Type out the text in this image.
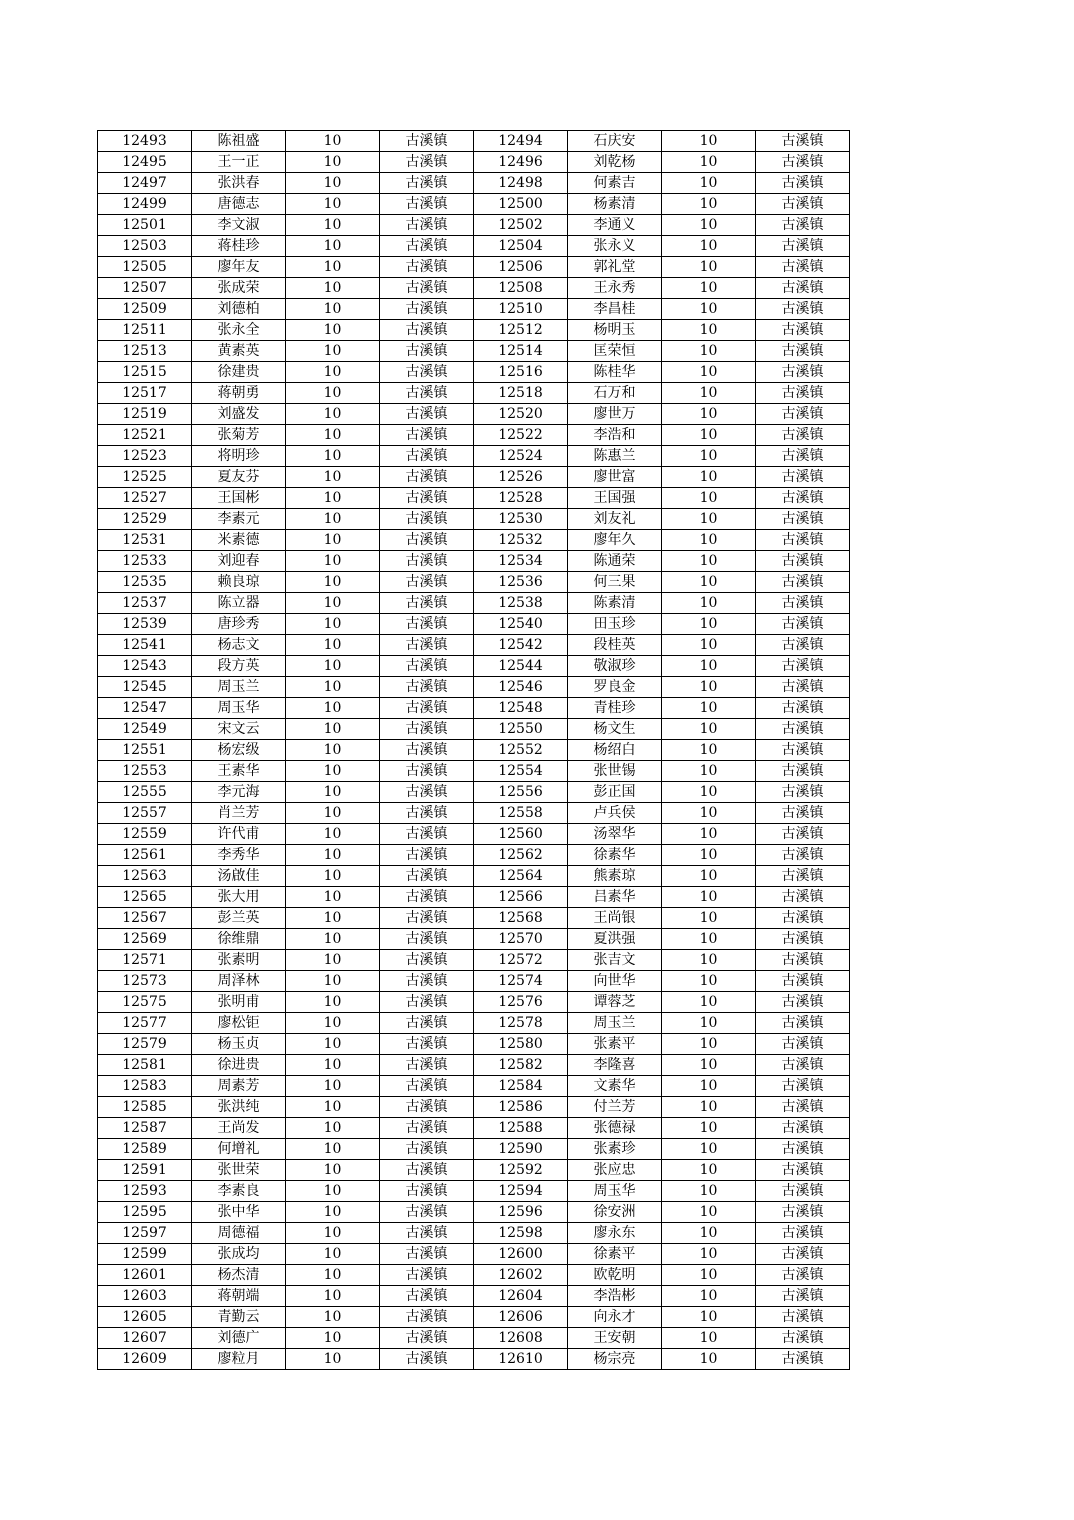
12493	陈祖盛	10	古溪镇	12494	石庆安	10	古溪镇
12495	王一正	10	古溪镇	12496	刘乾杨	10	古溪镇
12497	张洪春	10	古溪镇	12498	何素吉	10	古溪镇
12499	唐德志	10	古溪镇	12500	杨素清	10	古溪镇
12501	李文淑	10	古溪镇	12502	李通义	10	古溪镇
12503	蒋桂珍	10	古溪镇	12504	张永义	10	古溪镇
12505	廖年友	10	古溪镇	12506	郭礼堂	10	古溪镇
12507	张成荣	10	古溪镇	12508	王永秀	10	古溪镇
12509	刘德柏	10	古溪镇	12510	李昌桂	10	古溪镇
12511	张永全	10	古溪镇	12512	杨明玉	10	古溪镇
12513	黄素英	10	古溪镇	12514	匡荣恒	10	古溪镇
12515	徐建贵	10	古溪镇	12516	陈桂华	10	古溪镇
12517	蒋朝勇	10	古溪镇	12518	石万和	10	古溪镇
12519	刘盛发	10	古溪镇	12520	廖世万	10	古溪镇
12521	张菊芳	10	古溪镇	12522	李浩和	10	古溪镇
12523	将明珍	10	古溪镇	12524	陈惠兰	10	古溪镇
12525	夏友芬	10	古溪镇	12526	廖世富	10	古溪镇
12527	王国彬	10	古溪镇	12528	王国强	10	古溪镇
12529	李素元	10	古溪镇	12530	刘友礼	10	古溪镇
12531	米素德	10	古溪镇	12532	廖年久	10	古溪镇
12533	刘迎春	10	古溪镇	12534	陈通荣	10	古溪镇
12535	赖良琼	10	古溪镇	12536	何三果	10	古溪镇
12537	陈立器	10	古溪镇	12538	陈素清	10	古溪镇
12539	唐珍秀	10	古溪镇	12540	田玉珍	10	古溪镇
12541	杨志文	10	古溪镇	12542	段桂英	10	古溪镇
12543	段方英	10	古溪镇	12544	敬淑珍	10	古溪镇
12545	周玉兰	10	古溪镇	12546	罗良金	10	古溪镇
12547	周玉华	10	古溪镇	12548	青桂珍	10	古溪镇
12549	宋文云	10	古溪镇	12550	杨文生	10	古溪镇
12551	杨宏级	10	古溪镇	12552	杨绍白	10	古溪镇
12553	王素华	10	古溪镇	12554	张世锡	10	古溪镇
12555	李元海	10	古溪镇	12556	彭正国	10	古溪镇
12557	肖兰芳	10	古溪镇	12558	卢兵侯	10	古溪镇
12559	许代甫	10	古溪镇	12560	汤翠华	10	古溪镇
12561	李秀华	10	古溪镇	12562	徐素华	10	古溪镇
12563	汤啟佳	10	古溪镇	12564	熊素琼	10	古溪镇
12565	张大用	10	古溪镇	12566	吕素华	10	古溪镇
12567	彭兰英	10	古溪镇	12568	王尚银	10	古溪镇
12569	徐维鼎	10	古溪镇	12570	夏洪强	10	古溪镇
12571	张素明	10	古溪镇	12572	张吉文	10	古溪镇
12573	周泽林	10	古溪镇	12574	向世华	10	古溪镇
12575	张明甫	10	古溪镇	12576	谭蓉芝	10	古溪镇
12577	廖松钜	10	古溪镇	12578	周玉兰	10	古溪镇
12579	杨玉贞	10	古溪镇	12580	张素平	10	古溪镇
12581	徐进贵	10	古溪镇	12582	李隆喜	10	古溪镇
12583	周素芳	10	古溪镇	12584	文素华	10	古溪镇
12585	张洪纯	10	古溪镇	12586	付兰芳	10	古溪镇
12587	王尚发	10	古溪镇	12588	张德禄	10	古溪镇
12589	何增礼	10	古溪镇	12590	张素珍	10	古溪镇
12591	张世荣	10	古溪镇	12592	张应忠	10	古溪镇
12593	李素良	10	古溪镇	12594	周玉华	10	古溪镇
12595	张中华	10	古溪镇	12596	徐安洲	10	古溪镇
12597	周德福	10	古溪镇	12598	廖永东	10	古溪镇
12599	张成均	10	古溪镇	12600	徐素平	10	古溪镇
12601	杨杰清	10	古溪镇	12602	欧乾明	10	古溪镇
12603	蒋朝端	10	古溪镇	12604	李浩彬	10	古溪镇
12605	青勤云	10	古溪镇	12606	向永才	10	古溪镇
12607	刘德广	10	古溪镇	12608	王安朝	10	古溪镇
12609	廖粒月	10	古溪镇	12610	杨宗亮	10	古溪镇
